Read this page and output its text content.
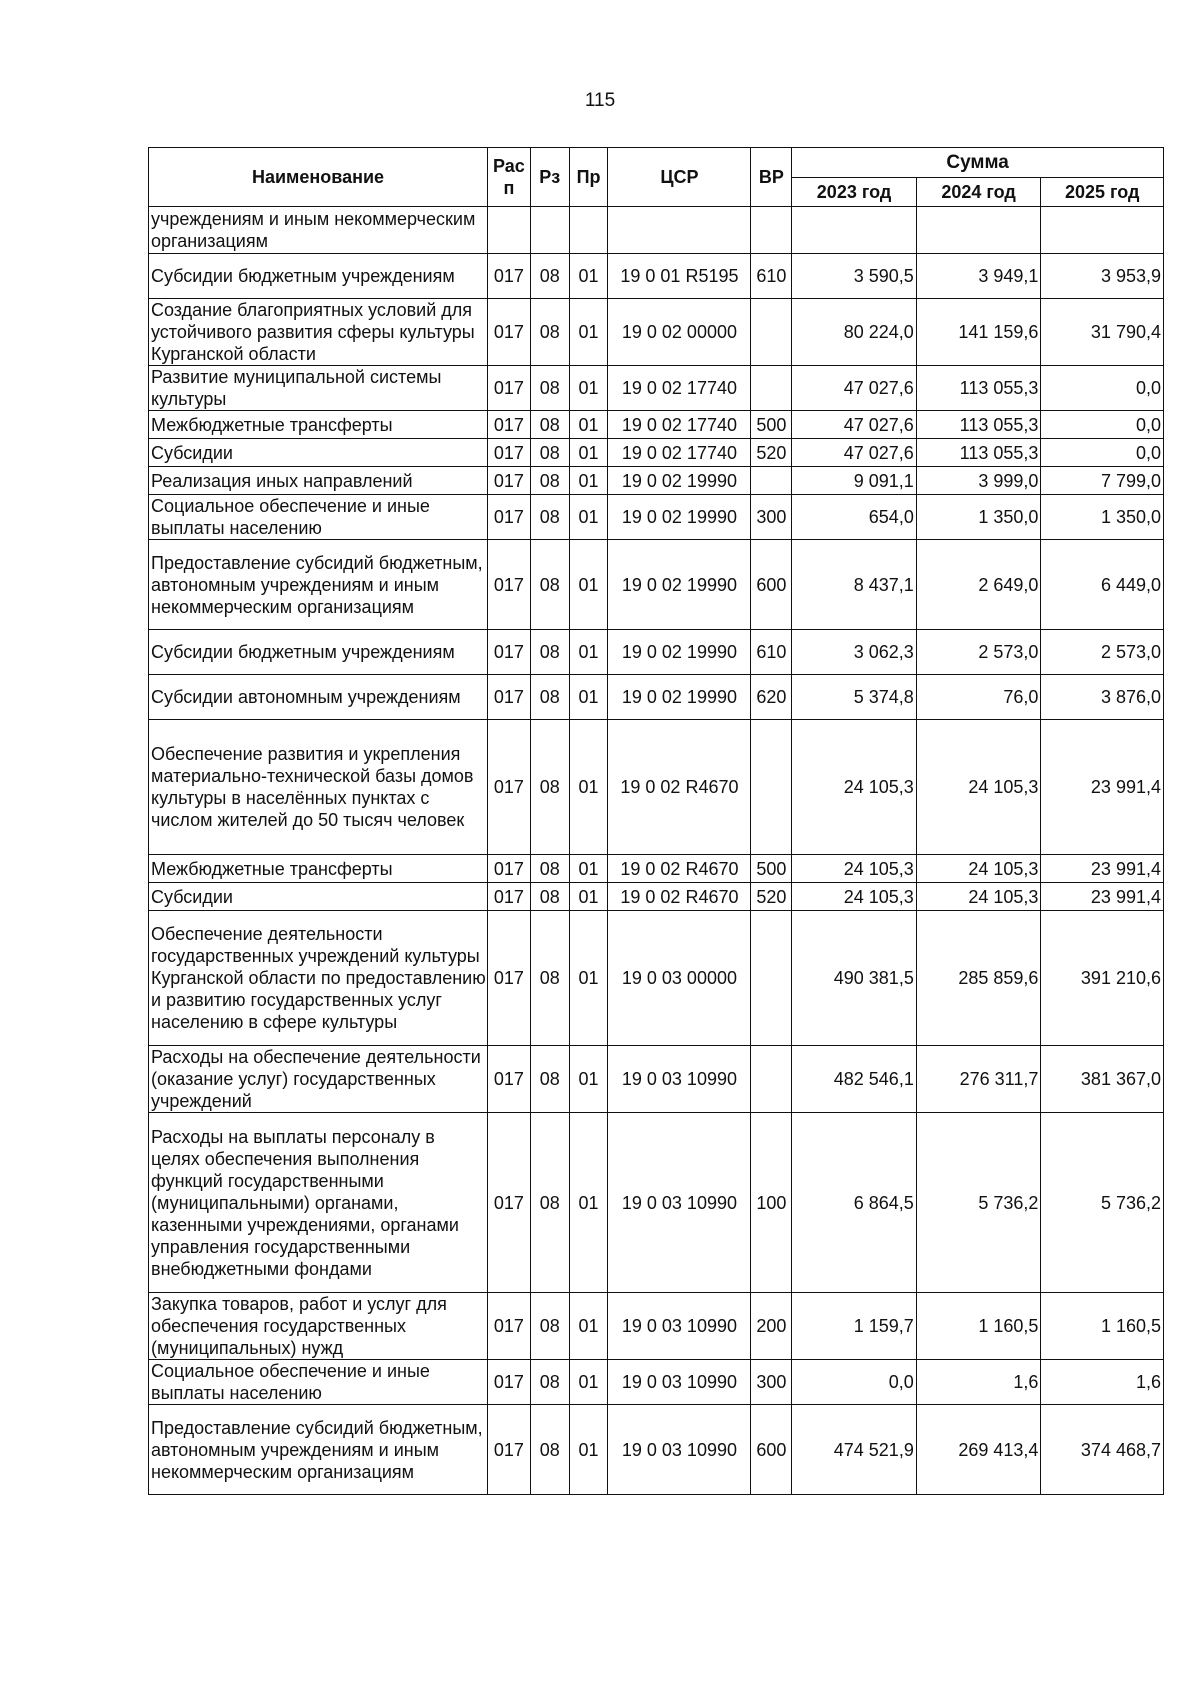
115
Наименование	Рас п	Рз	Пр	ЦСР	ВР	Сумма		
						2023 год	2024 год	2025 год
учреждениям и иным некоммерческим организациям								
Субсидии бюджетным учреждениям	017	08	01	19 0 01 R5195	610	3 590,5	3 949,1	3 953,9
Создание благоприятных условий для устойчивого развития сферы культуры Курганской области	017	08	01	19 0 02 00000		80 224,0	141 159,6	31 790,4
Развитие муниципальной системы культуры	017	08	01	19 0 02 17740		47 027,6	113 055,3	0,0
Межбюджетные трансферты	017	08	01	19 0 02 17740	500	47 027,6	113 055,3	0,0
Субсидии	017	08	01	19 0 02 17740	520	47 027,6	113 055,3	0,0
Реализация иных направлений	017	08	01	19 0 02 19990		9 091,1	3 999,0	7 799,0
Социальное обеспечение и иные выплаты населению	017	08	01	19 0 02 19990	300	654,0	1 350,0	1 350,0
Предоставление субсидий бюджетным, автономным учреждениям и иным некоммерческим организациям	017	08	01	19 0 02 19990	600	8 437,1	2 649,0	6 449,0
Субсидии бюджетным учреждениям	017	08	01	19 0 02 19990	610	3 062,3	2 573,0	2 573,0
Субсидии автономным учреждениям	017	08	01	19 0 02 19990	620	5 374,8	76,0	3 876,0
Обеспечение развития и укрепления материально-технической базы домов культуры в населённых пунктах с числом жителей до 50 тысяч человек	017	08	01	19 0 02 R4670		24 105,3	24 105,3	23 991,4
Межбюджетные трансферты	017	08	01	19 0 02 R4670	500	24 105,3	24 105,3	23 991,4
Субсидии	017	08	01	19 0 02 R4670	520	24 105,3	24 105,3	23 991,4
Обеспечение деятельности государственных учреждений культуры Курганской области по предоставлению и развитию государственных услуг населению в сфере культуры	017	08	01	19 0 03 00000		490 381,5	285 859,6	391 210,6
Расходы на обеспечение деятельности (оказание услуг) государственных учреждений	017	08	01	19 0 03 10990		482 546,1	276 311,7	381 367,0
Расходы на выплаты персоналу в целях обеспечения выполнения функций государственными (муниципальными) органами, казенными учреждениями, органами управления государственными внебюджетными фондами	017	08	01	19 0 03 10990	100	6 864,5	5 736,2	5 736,2
Закупка товаров, работ и услуг для обеспечения государственных (муниципальных) нужд	017	08	01	19 0 03 10990	200	1 159,7	1 160,5	1 160,5
Социальное обеспечение и иные выплаты населению	017	08	01	19 0 03 10990	300	0,0	1,6	1,6
Предоставление субсидий бюджетным, автономным учреждениям и иным некоммерческим организациям	017	08	01	19 0 03 10990	600	474 521,9	269 413,4	374 468,7
